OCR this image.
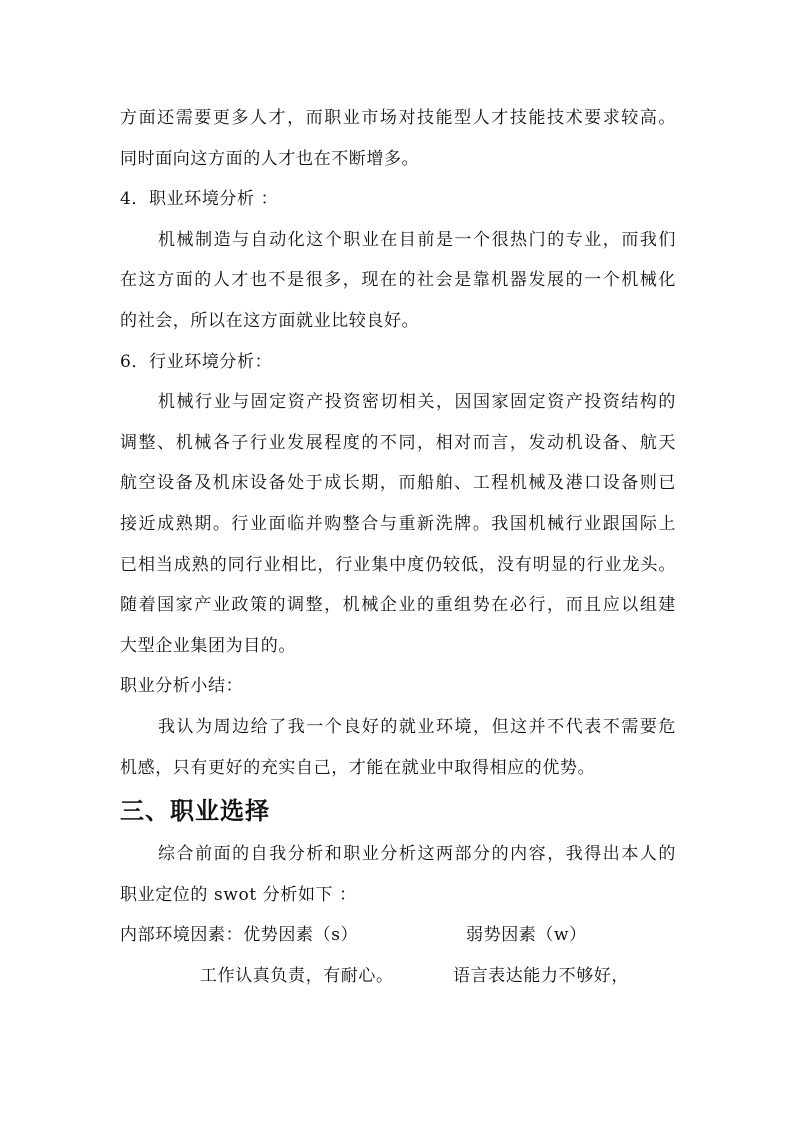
方面还需要更多人才，而职业市场对技能型人才技能技术要求较高。
同时面向这方面的人才也在不断增多。
4．职业环境分析 ：
机械制造与自动化这个职业在目前是一个很热门的专业，而我们
在这方面的人才也不是很多，现在的社会是靠机器发展的一个机械化
的社会，所以在这方面就业比较良好。
6．行业环境分析：
机械行业与固定资产投资密切相关，因国家固定资产投资结构的
调整、机械各子行业发展程度的不同，相对而言，发动机设备、航天
航空设备及机床设备处于成长期，而船舶、工程机械及港口设备则已
接近成熟期。行业面临并购整合与重新洗牌。我国机械行业跟国际上
已相当成熟的同行业相比，行业集中度仍较低，没有明显的行业龙头。
随着国家产业政策的调整，机械企业的重组势在必行，而且应以组建
大型企业集团为目的。
职业分析小结：
我认为周边给了我一个良好的就业环境，但这并不代表不需要危
机感，只有更好的充实自己，才能在就业中取得相应的优势。
三、职业选择
综合前面的自我分析和职业分析这两部分的内容，我得出本人的
职业定位的 swot 分析如下 ：
内部环境因素：优势因素（s）	弱势因素（w）
工作认真负责，有耐心。	语言表达能力不够好，
